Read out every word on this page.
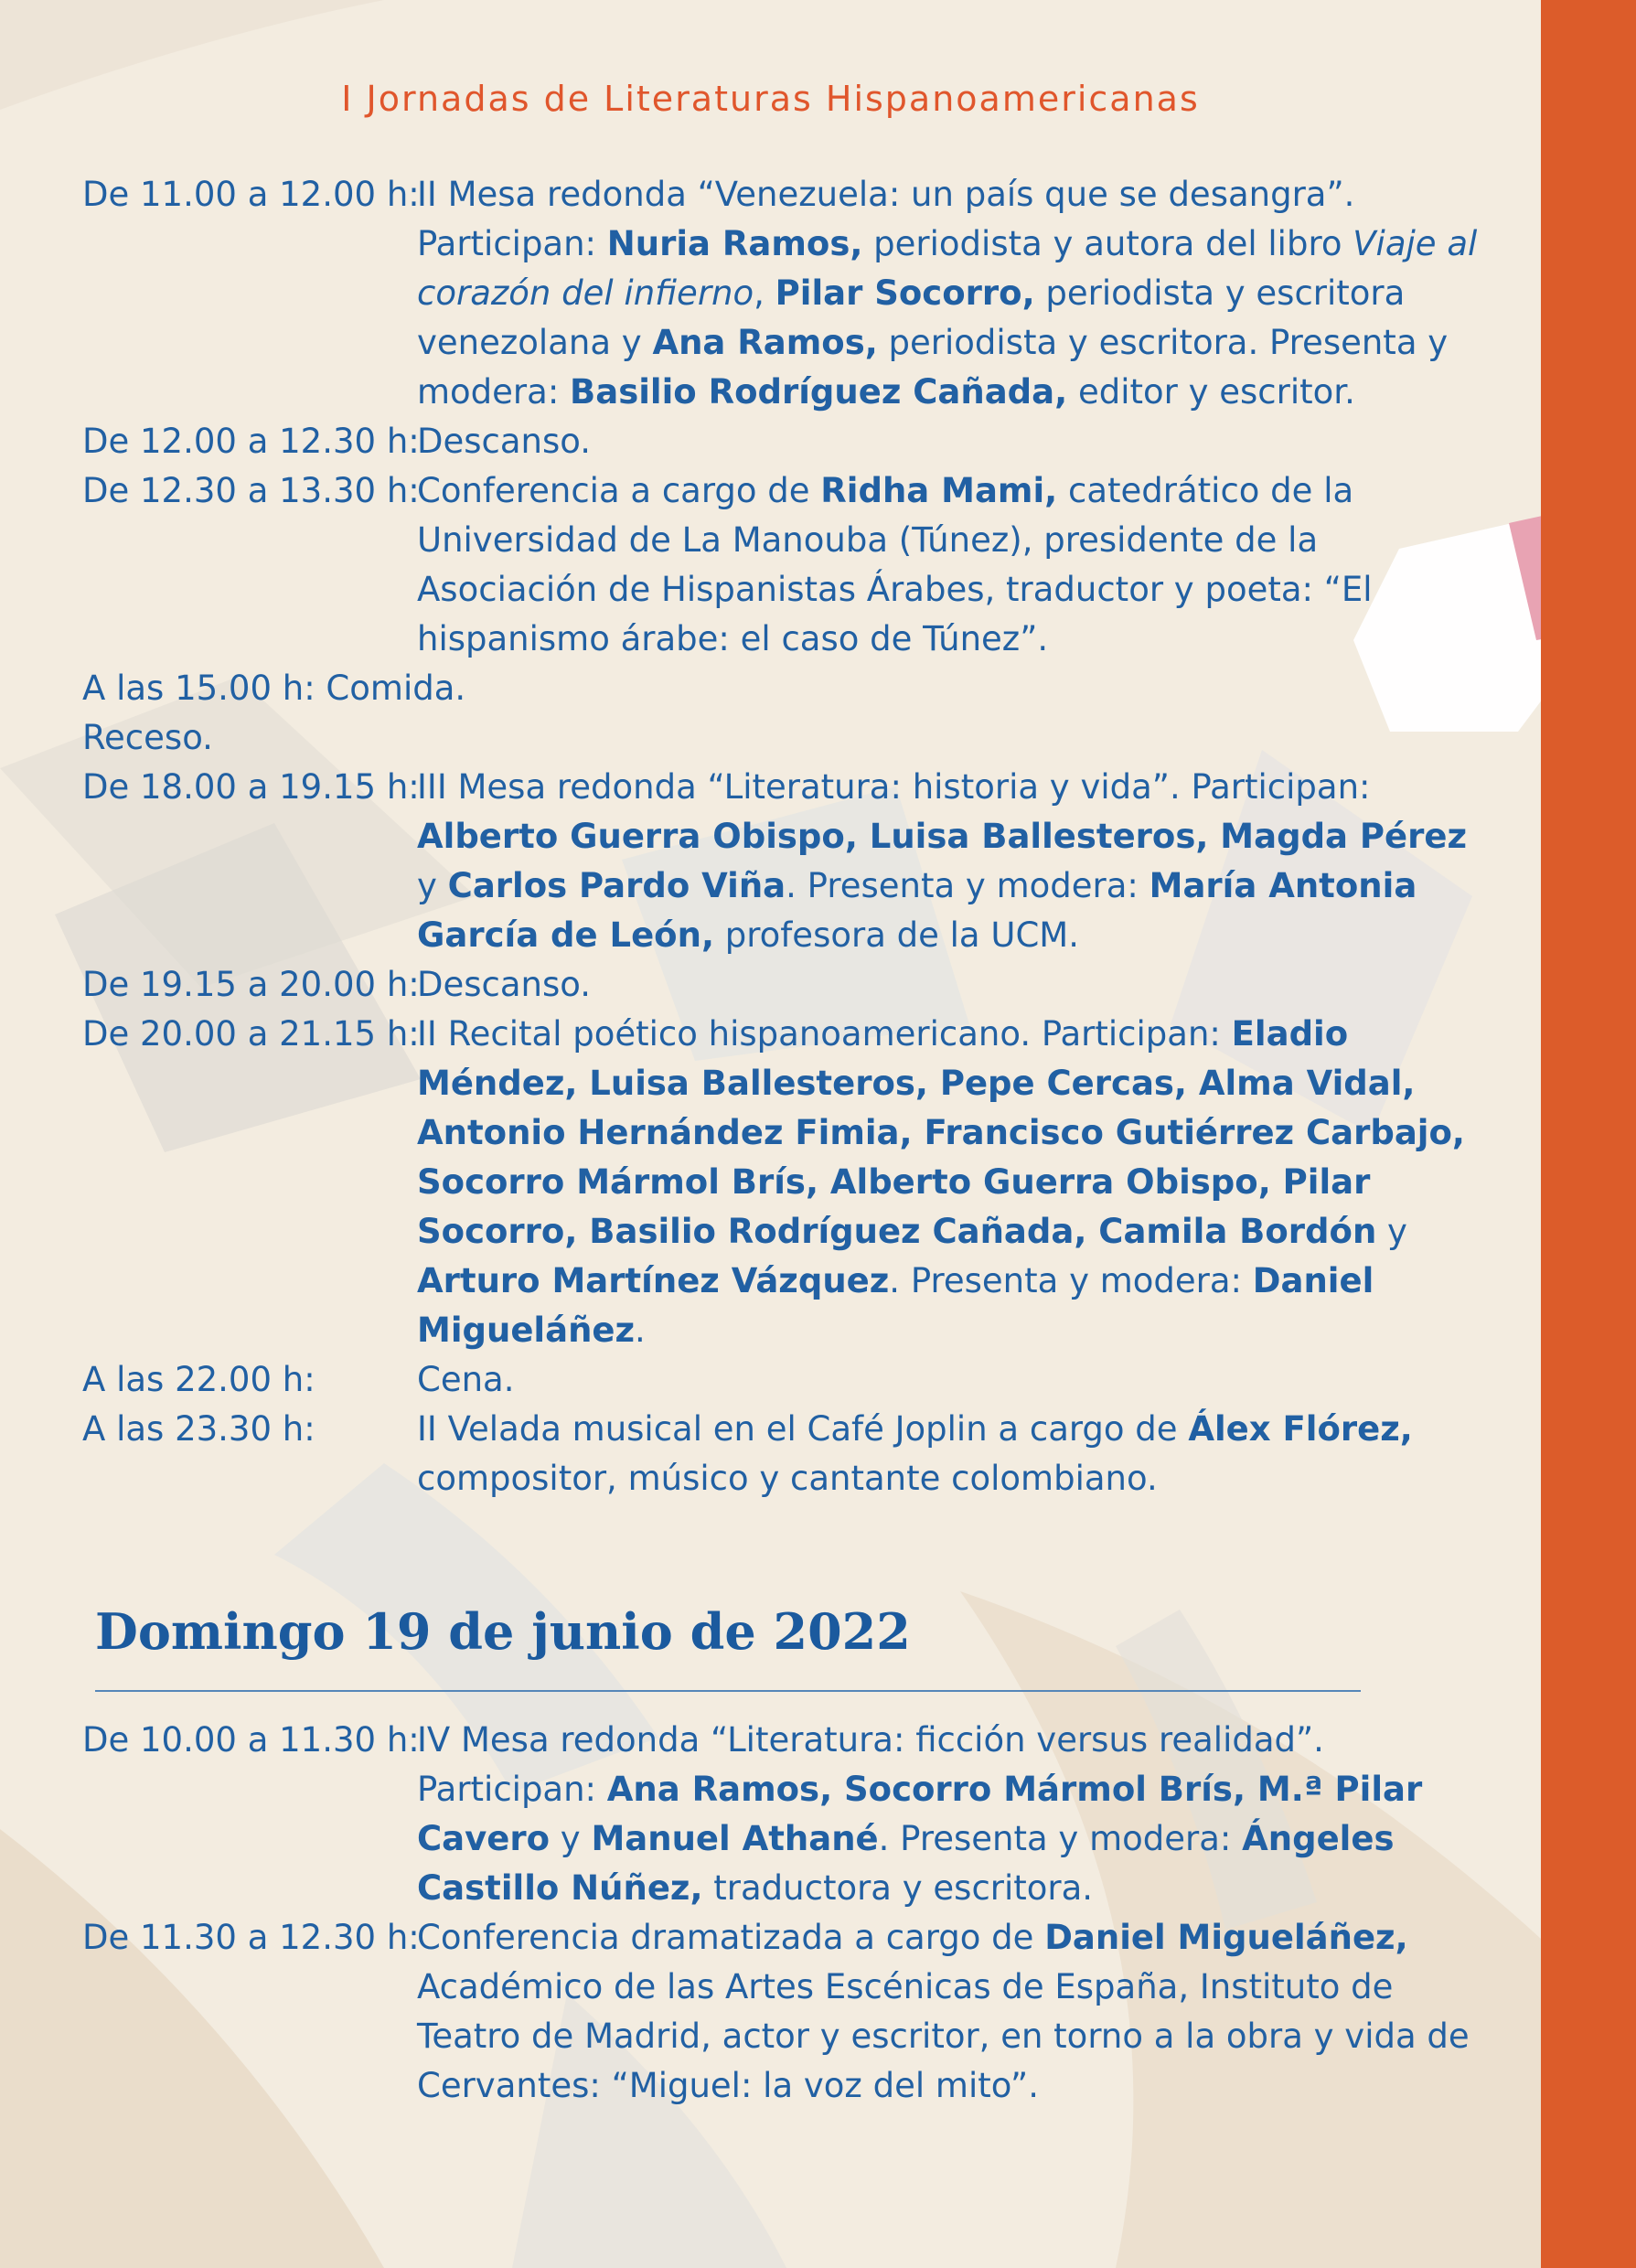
I Jornadas de Literaturas Hispanoamericanas
De 11.00 a 12.00 h:
II Mesa redonda “Venezuela: un país que se desangra”. Participan: Nuria Ramos, periodista y autora del libro Viaje al corazón del infierno, Pilar Socorro, periodista y escritora venezolana y Ana Ramos, periodista y escritora. Presenta y modera: Basilio Rodríguez Cañada, editor y escritor.
De 12.00 a 12.30 h:
Descanso.
De 12.30 a 13.30 h:
Conferencia a cargo de Ridha Mami, catedrático de la Universidad de La Manouba (Túnez), presidente de la Asociación de Hispanistas Árabes, traductor y poeta: “El hispanismo árabe: el caso de Túnez”.
A las 15.00 h: Comida.
Receso.
De 18.00 a 19.15 h:
III Mesa redonda “Literatura: historia y vida”. Participan: Alberto Guerra Obispo, Luisa Ballesteros, Magda Pérez y Carlos Pardo Viña. Presenta y modera: María Antonia García de León, profesora de la UCM.
De 19.15 a 20.00 h:
Descanso.
De 20.00 a 21.15 h:
II Recital poético hispanoamericano. Participan: Eladio Méndez, Luisa Ballesteros, Pepe Cercas, Alma Vidal, Antonio Hernández Fimia, Francisco Gutiérrez Carbajo, Socorro Mármol Brís, Alberto Guerra Obispo, Pilar Socorro, Basilio Rodríguez Cañada, Camila Bordón y Arturo Martínez Vázquez. Presenta y modera: Daniel Migueláñez.
A las 22.00 h:	Cena.
A las 23.30 h:	II Velada musical en el Café Joplin a cargo de Álex Flórez, compositor, músico y cantante colombiano.
Domingo 19 de junio de 2022
De 10.00 a 11.30 h:
IV Mesa redonda “Literatura: ficción versus realidad”. Participan: Ana Ramos, Socorro Mármol Brís, M.ª Pilar Cavero y Manuel Athané. Presenta y modera: Ángeles Castillo Núñez, traductora y escritora.
De 11.30 a 12.30 h:
Conferencia dramatizada a cargo de Daniel Migueláñez, Académico de las Artes Escénicas de España, Instituto de Teatro de Madrid, actor y escritor, en torno a la obra y vida de Cervantes: “Miguel: la voz del mito”.
